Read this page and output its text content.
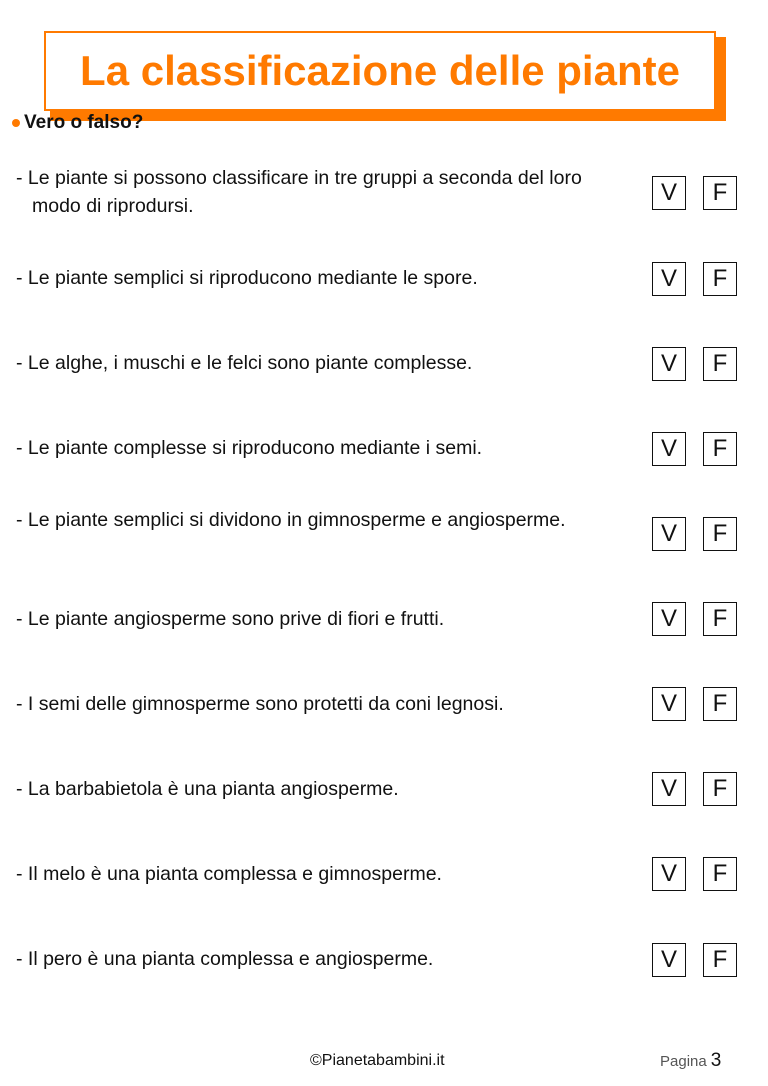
La classificazione delle piante
Vero o falso?
- Le piante si possono classificare in tre gruppi a seconda del loro modo di riprodursi.	V	F
- Le piante semplici si riproducono mediante le spore.	V	F
- Le alghe, i muschi e le felci sono piante complesse.	V	F
- Le piante complesse si riproducono mediante i semi.	V	F
- Le piante semplici si dividono in gimnosperme e angiosperme.	V	F
- Le piante angiosperme sono prive di fiori e frutti.	V	F
- I semi delle gimnosperme sono protetti da coni legnosi.	V	F
- La barbabietola è una pianta angiosperme.	V	F
- Il melo è una pianta complessa e gimnosperme.	V	F
- Il pero è una pianta complessa e angiosperme.	V	F
©Pianetabambini.it	Pagina 3
